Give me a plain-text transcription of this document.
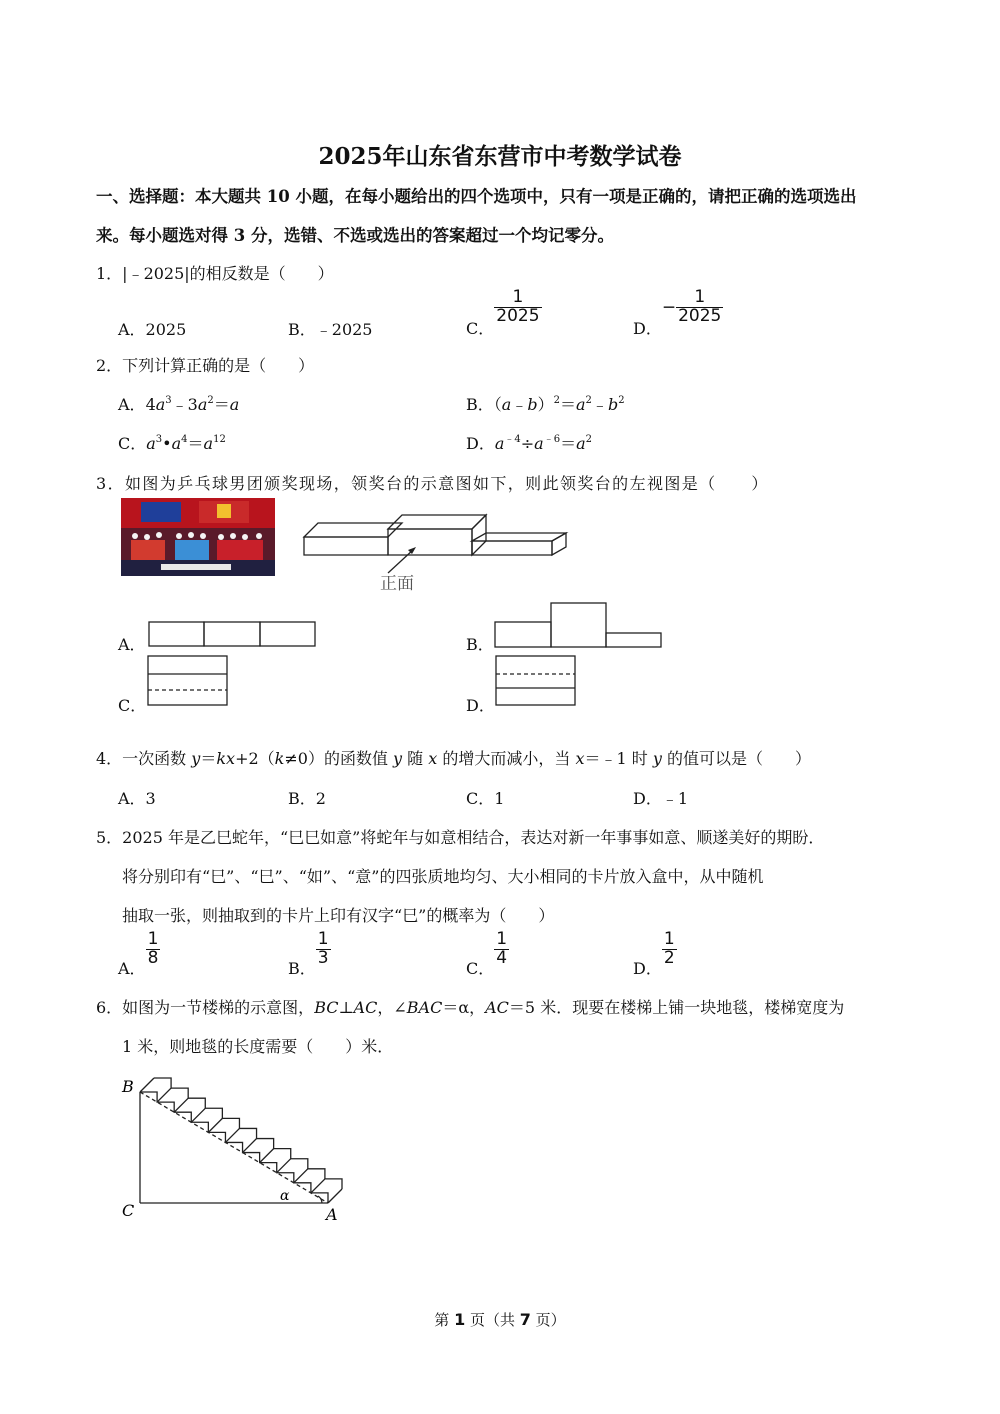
2025年山东省东营市中考数学试卷
一、选择题：本大题共 10 小题，在每小题给出的四个选项中，只有一项是正确的，请把正确的选项选出
来。每小题选对得 3 分，选错、不选或选出的答案超过一个均记零分。
1．|﹣2025|的相反数是（　　）
A．2025	B．﹣2025	C．
$\frac{1}{2025}$
D．− $\frac{1}{2025}$
2．下列计算正确的是（　　）
A．$4a^3﹣3a^2=a$	B．$(a﹣b)^2=a^2﹣b^2$
C．$a^3•a^4=a^{12}$	D．$a^{﹣4}\div a^{﹣6}=a^2$
3．如图为乒乓球男团颁奖现场，领奖台的示意图如下，则此领奖台的左视图是（　　）
正面
A．	B．
C．	D．
4．一次函数 y＝kx+2（k≠0）的函数值 y 随 x 的增大而减小，当 x＝﹣1 时 y 的值可以是（　　）
A．3	B．2	C．1	D．﹣1
5．2025 年是乙巳蛇年，“巳巳如意”将蛇年与如意相结合，表达对新一年事事如意、顺遂美好的期盼．
将分别印有“巳”、“巳”、“如”、“意”的四张质地均匀、大小相同的卡片放入盒中，从中随机
抽取一张，则抽取到的卡片上印有汉字“巳”的概率为（　　）
A．
$\frac{1}{8}$
B．
$\frac{1}{3}$
C．
$\frac{1}{4}$
D．
$\frac{1}{2}$
6．如图为一节楼梯的示意图，BC⊥AC，∠BAC＝α，AC＝5 米．现要在楼梯上铺一块地毯，楼梯宽度为
1 米，则地毯的长度需要（　　）米．
B
C	A
α
第 1 页（共 7 页）
